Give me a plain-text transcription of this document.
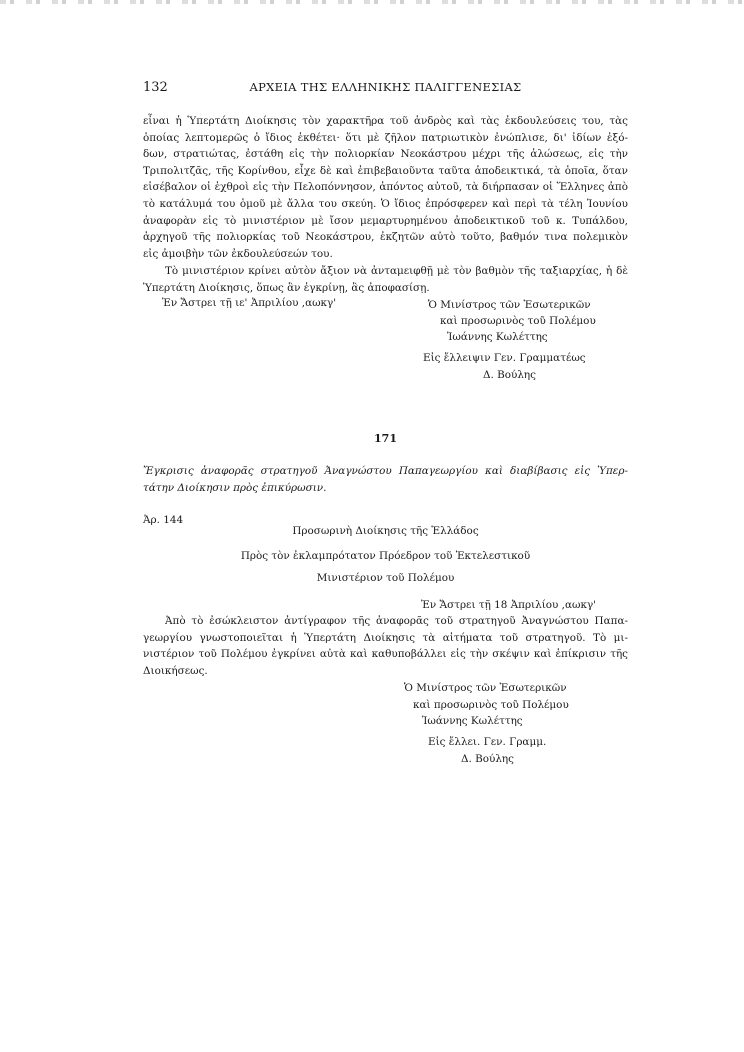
132	ΑΡΧΕΙΑ ΤΗΣ ΕΛΛΗΝΙΚΗΣ ΠΑΛΙΓΓΕΝΕΣΙΑΣ
εἶναι ἡ Ὑπερτάτη Διοίκησις τὸν χαρακτῆρα τοῦ ἀνδρὸς καὶ τὰς ἐκδουλεύσεις του, τὰς
ὁποίας λεπτομερῶς ὁ ἴδιος ἐκθέτει· ὅτι μὲ ζῆλον πατριωτικὸν ἐνώπλισε, δι' ἰδίων ἐξό-
δων, στρατιώτας, ἐστάθη εἰς τὴν πολιορκίαν Νεοκάστρου μέχρι τῆς ἁλώσεως, εἰς τὴν
Τριπολιτζᾶς, τῆς Κορίνθου, εἶχε δὲ καὶ ἐπιβεβαιοῦντα ταῦτα ἀποδεικτικά, τὰ ὁποῖα, ὅταν
εἰσέβαλον οἱ ἐχθροὶ εἰς τὴν Πελοπόννησον, ἀπόντος αὐτοῦ, τὰ διήρπασαν οἱ Ἕλληνες ἀπὸ
τὸ κατάλυμά του ὁμοῦ μὲ ἄλλα του σκεύη. Ὁ ἴδιος ἐπρόσφερεν καὶ περὶ τὰ τέλη Ἰουνίου
ἀναφορὰν εἰς τὸ μινιστέριον μὲ ἴσον μεμαρτυρημένου ἀποδεικτικοῦ τοῦ κ. Τυπάλδου,
ἀρχηγοῦ τῆς πολιορκίας τοῦ Νεοκάστρου, ἐκζητῶν αὐτὸ τοῦτο, βαθμόν τινα πολεμικὸν
εἰς ἀμοιβὴν τῶν ἐκδουλεύσεών του.
Τὸ μινιστέριον κρίνει αὐτὸν ἄξιον νὰ ἀνταμειφθῇ μὲ τὸν βαθμὸν τῆς ταξιαρχίας, ἡ δὲ
Ὑπερτάτη Διοίκησις, ὅπως ἂν ἐγκρίνῃ, ἂς ἀποφασίσῃ.

Ἐν Ἄστρει τῇ ιε' Ἀπριλίου ,αωκγ'	Ὁ Μινίστρος τῶν Ἐσωτερικῶν

καὶ προσωρινὸς τοῦ Πολέμου

Ἰωάννης Κωλέττης

Εἰς ἔλλειψιν Γεν. Γραμματέως

Δ. Βούλης

171
Ἔγκρισις ἀναφορᾶς στρατηγοῦ Ἀναγνώστου Παπαγεωργίου καὶ διαβίβασις εἰς Ὑπερ-
τάτην Διοίκησιν πρὸς ἐπικύρωσιν.

Ἀρ. 144

Προσωρινὴ Διοίκησις τῆς Ἑλλάδος
Πρὸς τὸν ἐκλαμπρότατον Πρόεδρον τοῦ Ἐκτελεστικοῦ
Μινιστέριον τοῦ Πολέμου

Ἐν Ἄστρει τῇ 18 Ἀπριλίου ,αωκγ'

Ἀπὸ τὸ ἐσώκλειστον ἀντίγραφον τῆς ἀναφορᾶς τοῦ στρατηγοῦ Ἀναγνώστου Παπα-
γεωργίου γνωστοποιεῖται ἡ Ὑπερτάτη Διοίκησις τὰ αἰτήματα τοῦ στρατηγοῦ. Τὸ μι-
νιστέριον τοῦ Πολέμου ἐγκρίνει αὐτὰ καὶ καθυποβάλλει εἰς τὴν σκέψιν καὶ ἐπίκρισιν τῆς
Διοικήσεως.

Ὁ Μινίστρος τῶν Ἐσωτερικῶν

καὶ προσωρινὸς τοῦ Πολέμου

Ἰωάννης Κωλέττης

Εἰς ἔλλει. Γεν. Γραμμ.

Δ. Βούλης
